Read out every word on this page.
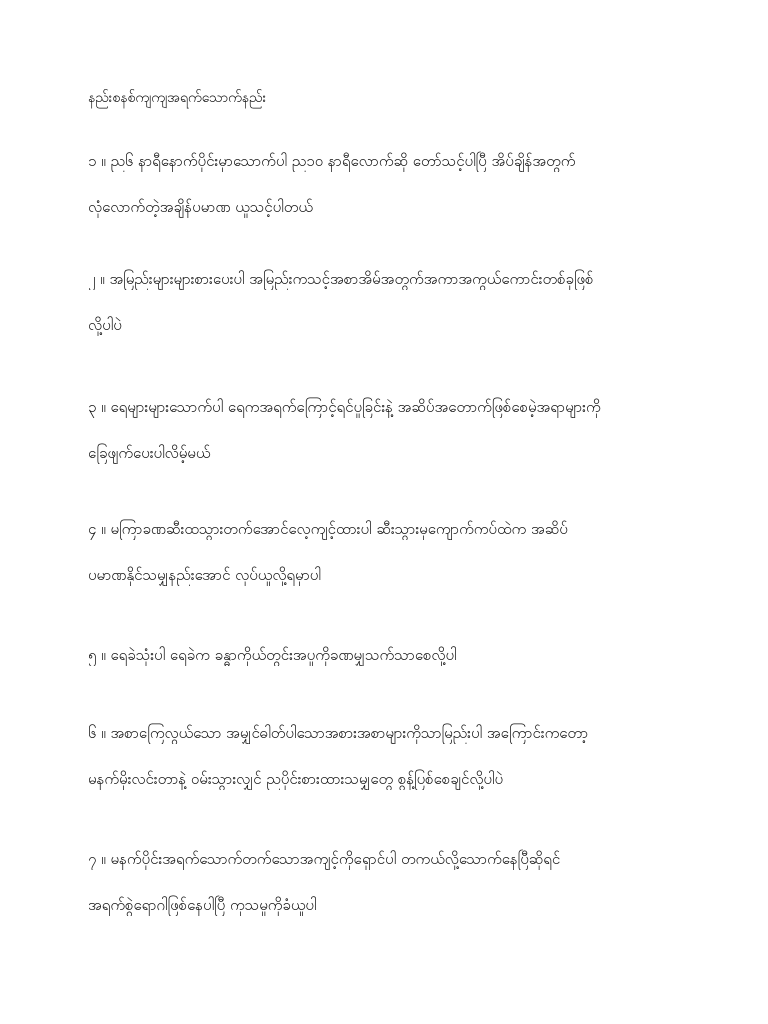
နည်းစနစ်ကျကျအရက်သောက်နည်း
၁ ။ ည၆ နာရီနောက်ပိုင်းမှာသောက်ပါ ည၁၀ နာရီလောက်ဆို တော်သင့်ပါပြီ အိပ်ချိန်အတွက်
လုံလောက်တဲ့အချိန်ပမာဏ ယူသင့်ပါတယ်
၂ ။ အမြည်းများများစားပေးပါ အမြည်းကသင့်အစာအိမ်အတွက်အကာအကွယ်ကောင်းတစ်ခုဖြစ်
လို့ပါပဲ
၃ ။ ရေများများသောက်ပါ ရေကအရက်ကြောင့်ရင်ပူခြင်းနဲ့ အဆိပ်အတောက်ဖြစ်စေမဲ့အရာများကို
ခြေဖျက်ပေးပါလိမ့်မယ်
၄ ။ မကြာခဏဆီးထသွားတက်အောင်လေ့ကျင့်ထားပါ ဆီးသွားမှကျောက်ကပ်ထဲက အဆိပ်
ပမာဏနိုင်သမျှနည်းအောင် လုပ်ယူလို့ရမှာပါ
၅ ။ ရေခဲသုံးပါ ရေခဲက ခန္ဓာကိုယ်တွင်းအပူကိုခဏမျှသက်သာစေလို့ပါ
၆ ။ အစာကြေလွယ်သော အမျှင်ဓါတ်ပါသောအစားအစာများကိုသာမြည်းပါ အကြောင်းကတော့
မနက်မိုးလင်းတာနဲ့ ဝမ်းသွားလျှင် ညပိုင်းစားထားသမျှတွေ စွန့်ပြစ်စေချင်လို့ပါပဲ
၇ ။ မနက်ပိုင်းအရက်သောက်တက်သောအကျင့်ကိုရှောင်ပါ တကယ်လို့သောက်နေပြီဆိုရင်
အရက်စွဲရောဂါဖြစ်နေပါပြီ ကုသမှုကိုခံယူပါ
